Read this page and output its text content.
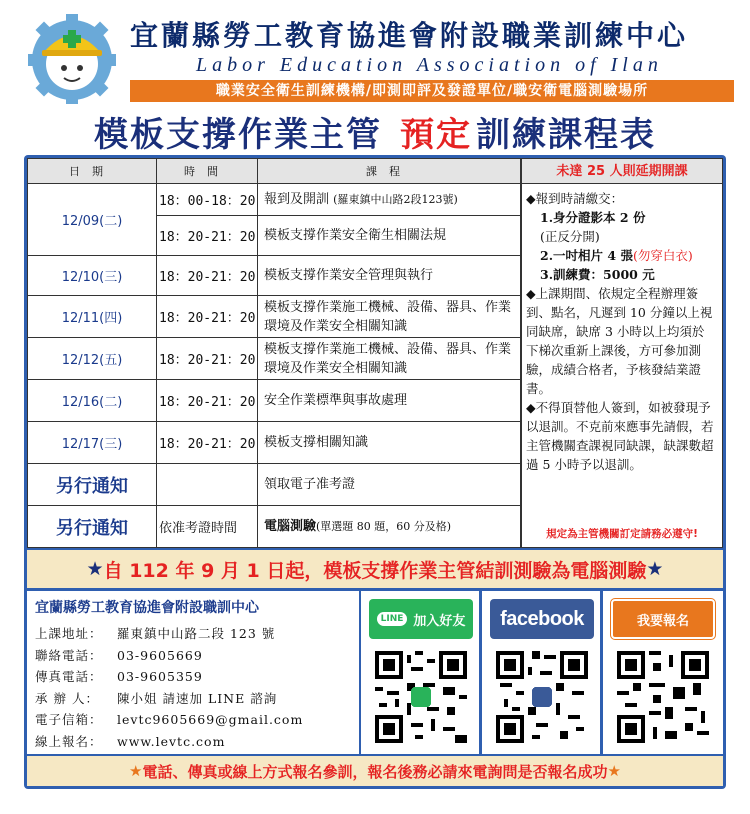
宜蘭縣勞工教育協進會附設職業訓練中心
Labor Education Association of Ilan
職業安全衛生訓練機構/即測即評及發證單位/職安衛電腦測驗場所
模板支撐作業主管 預定 訓練課程表
日期	時間	課程
12/09(二)	18：00-18：20	報到及開訓 (羅東鎮中山路2段123號)
	18：20-21：20	模板支撐作業安全衛生相關法規
12/10(三)	18：20-21：20	模板支撐作業安全管理與執行
12/11(四)	18：20-21：20	模板支撐作業施工機械、設備、器具、作業環境及作業安全相關知識
12/12(五)	18：20-21：20	模板支撐作業施工機械、設備、器具、作業環境及作業安全相關知識
12/16(二)	18：20-21：20	安全作業標準與事故處理
12/17(三)	18：20-21：20	模板支撐相關知識
另行通知		領取電子准考證
另行通知	依准考證時間	電腦測驗(單選題 80 題，60 分及格)
未達 25 人則延期開課
◆報到時請繳交：
1.身分證影本 2 份
(正反分開)
2.一吋相片 4 張(勿穿白衣)
3.訓練費：5000 元
◆上課期間、依規定全程辦理簽到、點名，凡遲到 10 分鐘以上視同缺席，缺席 3 小時以上均須於下梯次重新上課後，方可參加測驗，成績合格者，予核發結業證書。
◆不得頂替他人簽到，如被發現予以退訓。不克前來應事先請假，若主管機關查課視同缺課，缺課數超過 5 小時予以退訓。
規定為主管機關訂定請務必遵守!
★ 自 112 年 9 月 1 日起，模板支撐作業主管結訓測驗為電腦測驗 ★
宜蘭縣勞工教育協進會附設職訓中心
上課地址： 羅東鎮中山路二段 123 號
聯絡電話： 03-9605669
傳真電話： 03-9605359
承 辦 人： 陳小姐 請速加 LINE 諮詢
電子信箱： levtc9605669@gmail.com
線上報名： www.levtc.com
LINE 加入好友	facebook	我要報名
★ 電話、傳真或線上方式報名參訓，報名後務必請來電詢問是否報名成功 ★
